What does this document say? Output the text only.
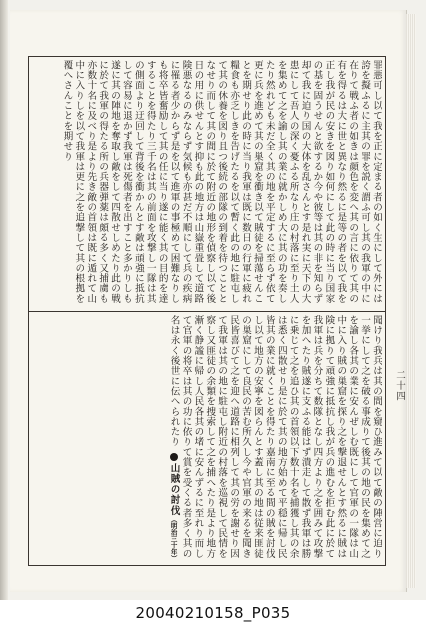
罪悪可し以て我を正に定まる者の如く生にして外には誇を擬ふるに主其の罪を説く謂ふ可し其の我軍の中に在りて戦ふ者の如きは顔色を変へ其の言に依りて其の有を得るは大に世と異なり然るに是等の者を以て我を正し我が民の安きを図り如何にして此の時に当り国家の基を固うせんと欲するか今や彼等は其の非を知らず却て我に迫り国の大体を乱さんとす是れ実に天下の大患にして吾人の深く憂ふる所なり庄の村落に至り土人を集めて之を諭し其の業に就かしめ大に其の功を奏したり然れども未だ全く其の地を平定するに至らず依て更に兵を進めて其の巣窟を衝き以て賊徒を掃蕩せんことを期せり此の時に当り我軍は既に数日の行軍に疲れ糧食も亦乏しきを告げたるを以て暫く此の地に駐屯して其の休養を図り且つ後続の部隊の到着を待つこととなせり而して其の間に於て附近の地形を偵察し以て後日の用に供せんとす抑も此の地方は山嶽重畳して道路険悪なるのみならず気候も亦甚だ不順にして兵の疾病に罹る者少からず是を以て進軍の事極めて困難なりしも将卒皆奮励して其の任に当り遂に能く其の目的を達することを得たり三千名は其の前面を攻撃し一隊は其の側面より迂回して背後を衝かんとす敵は頑強に抵抗して容易に退かず我軍は死傷者を出すこと多かりしも遂に其の陣地を奪取し敵をして四散せしめたり此の戦に於て我軍の得たる所の兵器弾薬は頗る多く又捕虜も亦数十名に及べり是より先き敵の首領は既に遁れて山中に入りしを以て我軍は更に之を追撃して其の根拠を覆へさんことを期せり

聞けり我兵は其の間を窺ひ進みて以て敵の陣営に迫り一挙にして之を破る事成りて後其の地の民を集めて之を諭し各其の業に安んぜしむ既にして官軍の一隊は山中に入り賊の巣窟を探り之を撃退せんとす然るに賊は険に拠りて頑強に抵抗し我が兵の進むを拒む此に於て我軍は兵を分ちて数隊となし四方より之を囲みて攻撃を加へたり賊遂に支ふる能はず潰走して散ず我軍は勝に乗じて之を追ひ其の首領以下数十名を捕獲し其の余は悉く四散せり是に於て其の地方始めて平穏に帰し民皆其の業に就くことを得たり嘉南に至る間の賊を討伐し以て地方の安寧を図らんとす蓋し其の地は従来匪徒の巣窟にして良民の苦む所久し今や官軍の来るを聞き民皆喜びて之を迎へ道路に相列して其の労を謝せり因て我軍は其の地に駐屯し附近の村落を巡視して民情を察し又匪徒の余類を捜索して之を捕へたり是より地方漸く静謐に帰し人民各其の堵に安んずるに至れり而して官軍の将卒は其の功に依りて賞を受くる者多く其の名は永く後世に伝へられたり 山賊の討伐（明治三十年）

二十四
20040210158_P035
